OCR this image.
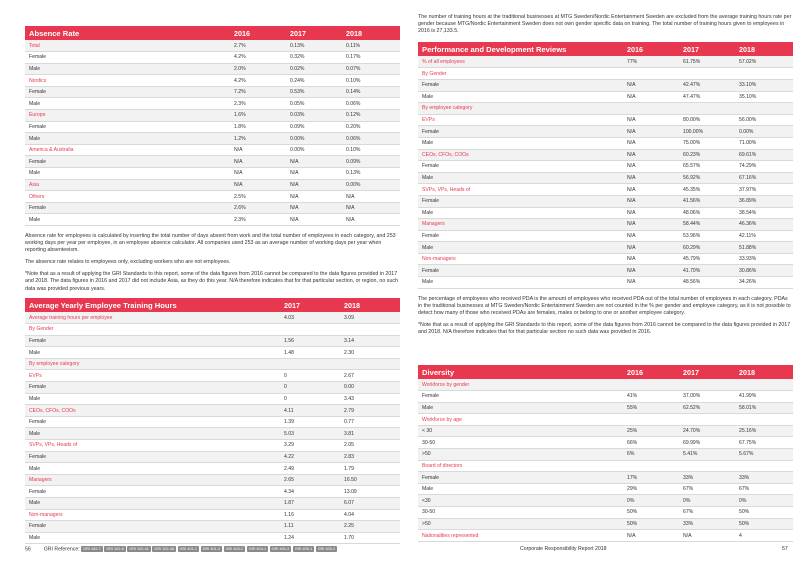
Absence Rate	2016	2017	2018
Total	2.7%	0.13%	0.11%
Female	4.2%	0.32%	0.17%
Male	2.0%	0.02%	0.07%
Nordics	4.2%	0.24%	0.10%
Female	7.2%	0.53%	0.14%
Male	2.3%	0.05%	0.06%
Europe	1.6%	0.03%	0.12%
Female	1.8%	0.09%	0.20%
Male	1.2%	0.00%	0.06%
America & Australia	N/A	0.00%	0.10%
Female	N/A	N/A	0.09%
Male	N/A	N/A	0.13%
Asia	N/A	N/A	0.00%
Others	2.5%	N/A	N/A
Female	2.6%	N/A	N/A
Male	2.3%	N/A	N/A

Absence rate for employees is calculated by inserting the total number of days absent from work and the total number of employees in each category, and 253 working days per year per employee, in an employee absence calculator. All companies used 253 as an average number of working days per year when reporting absenteeism.

The absence rate relates to employees only, excluding workers who are not employees.

*Note that as a result of applying the GRI Standards to this report, some of the data figures from 2016 cannot be compared to the data figures provided in 2017 and 2018. The data figures in 2016 and 2017 did not include Asia, as they do this year. N/A therefore indicates that for that particular section, or region, no such data was provided previous years.

Average Yearly Employee Training Hours	2017	2018
Average training hours per employee	4.03	3.09
By Gender		
Female	1.56	3.14
Male	1.48	2.30
By employee category		
EVPs	0	2.67
Female	0	0.00
Male	0	3.43
CEOs, CFOs, COOs	4.11	2.79
Female	1.39	0.77
Male	5.03	3.81
SVPs, VPs, Heads of	3.29	2.05
Female	4.22	2.83
Male	2.49	1.79
Managers	2.65	16.50
Female	4.34	13.09
Male	1.87	6.07
Non-managers	1.16	4.04
Female	1.11	2.25
Male	1.24	1.70
The number of training hours at the traditional businesses at MTG Sweden/Nordic Entertainment Sweden are excluded from the average training hours rate per gender because MTG/Nordic Entertainment Sweden does not own gender specific data on training. The total number of training hours given to employees in 2016 is 27,133.5.
Performance and Development Reviews	2016	2017	2018
% of all employees	77%	61.75%	57.02%
By Gender			
Female	N/A	42.47%	33.10%
Male	N/A	47.47%	35.10%
By employee category			
EVPs	N/A	80.00%	56.00%
Female	N/A	100.00%	0.00%
Male	N/A	75.00%	71.00%
CEOs, CFOs, COOs	N/A	60.23%	69.61%
Female	N/A	65.57%	74.29%
Male	N/A	56.92%	67.16%
SVPs, VPs, Heads of	N/A	45.35%	37.97%
Female	N/A	41.56%	36.89%
Male	N/A	48.06%	38.54%
Managers	N/A	58.44%	46.36%
Female	N/A	53.96%	42.11%
Male	N/A	60.29%	51.88%
Non-managers	N/A	45.79%	33.93%
Female	N/A	41.70%	30.86%
Male	N/A	48.56%	34.26%

The percentage of employees who received PDA is the amount of employees who received PDA out of the total number of employees in each category. PDAs in the traditional businesses at MTG Sweden/Nordic Entertainment Sweden are not counted in the % per gender and employee category, as it is not possible to detect how many of those who received PDAs are females, males or belong to one or another employee category.

*Note that as a result of applying the GRI Standards to this report, some of the data figures from 2016 cannot be compared to the data figures provided in 2017 and 2018. N/A therefore indicates that for that particular section no such data was provided in 2016.

Diversity	2016	2017	2018
Workforce by gender			
Female	41%	37.00%	41.99%
Male	55%	62.52%	58.01%
Workforce by age			
< 30	25%	24.70%	25.16%
30-50	66%	69.99%	67.75%
>50	6%	5.41%	5.67%
Board of directors			
Female	17%	33%	33%
Male	29%	67%	67%
<30	0%	0%	0%
30-50	50%	67%	50%
>50	50%	33%	50%
Nationalities represented	N/A	N/A	4
56 GRI Reference: GRI 102-7 GRI 102-8 GRI 102-41 GRI 102-48 GRI 401-1 GRI 401-3 GRI 403-2 GRI 404-1 GRI 404-3 GRI 405-1 GRI 405-2	Corporate Responsibility Report 2018	57
